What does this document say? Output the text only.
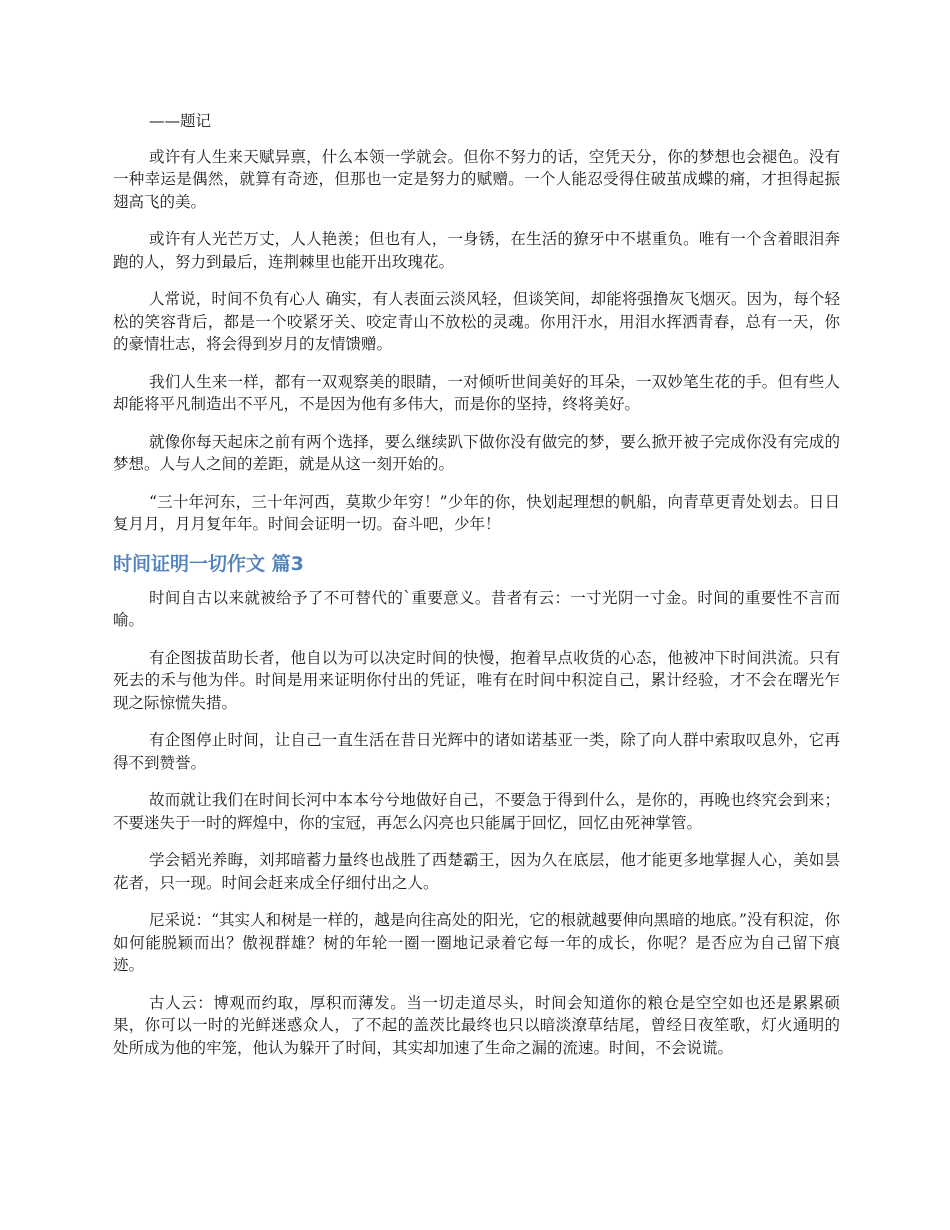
——题记

或许有人生来天赋异禀，什么本领一学就会。但你不努力的话，空凭天分，你的梦想也会褪色。没有一种幸运是偶然，就算有奇迹，但那也一定是努力的赋赠。一个人能忍受得住破茧成蝶的痛，才担得起振翅高飞的美。

或许有人光芒万丈，人人艳羡；但也有人，一身锈，在生活的獠牙中不堪重负。唯有一个含着眼泪奔跑的人，努力到最后，连荆棘里也能开出玫瑰花。

人常说，时间不负有心人 确实，有人表面云淡风轻，但谈笑间，却能将强撸灰飞烟灭。因为，每个轻松的笑容背后，都是一个咬紧牙关、咬定青山不放松的灵魂。你用汗水，用泪水挥洒青春，总有一天，你的豪情壮志，将会得到岁月的友情馈赠。

我们人生来一样，都有一双观察美的眼睛，一对倾听世间美好的耳朵，一双妙笔生花的手。但有些人却能将平凡制造出不平凡，不是因为他有多伟大，而是你的坚持，终将美好。

就像你每天起床之前有两个选择，要么继续趴下做你没有做完的梦，要么掀开被子完成你没有完成的梦想。人与人之间的差距，就是从这一刻开始的。

“三十年河东，三十年河西，莫欺少年穷！”少年的你，快划起理想的帆船，向青草更青处划去。日日复月月，月月复年年。时间会证明一切。奋斗吧，少年！

时间证明一切作文 篇3

时间自古以来就被给予了不可替代的`重要意义。昔者有云：一寸光阴一寸金。时间的重要性不言而喻。

有企图拔苗助长者，他自以为可以决定时间的快慢，抱着早点收货的心态，他被冲下时间洪流。只有死去的禾与他为伴。时间是用来证明你付出的凭证，唯有在时间中积淀自己，累计经验，才不会在曙光乍现之际惊慌失措。

有企图停止时间，让自己一直生活在昔日光辉中的诸如诺基亚一类，除了向人群中索取叹息外，它再得不到赞誉。

故而就让我们在时间长河中本本兮兮地做好自己，不要急于得到什么，是你的，再晚也终究会到来；不要迷失于一时的辉煌中，你的宝冠，再怎么闪亮也只能属于回忆，回忆由死神掌管。

学会韬光养晦，刘邦暗蓄力量终也战胜了西楚霸王，因为久在底层，他才能更多地掌握人心，美如昙花者，只一现。时间会赶来成全仔细付出之人。

尼采说：“其实人和树是一样的，越是向往高处的阳光，它的根就越要伸向黑暗的地底。”没有积淀，你如何能脱颖而出？傲视群雄？树的年轮一圈一圈地记录着它每一年的成长，你呢？是否应为自己留下痕迹。

古人云：博观而约取，厚积而薄发。当一切走道尽头，时间会知道你的粮仓是空空如也还是累累硕果，你可以一时的光鲜迷惑众人，了不起的盖茨比最终也只以暗淡潦草结尾，曾经日夜笙歌，灯火通明的处所成为他的牢笼，他认为躲开了时间，其实却加速了生命之漏的流速。时间，不会说谎。
